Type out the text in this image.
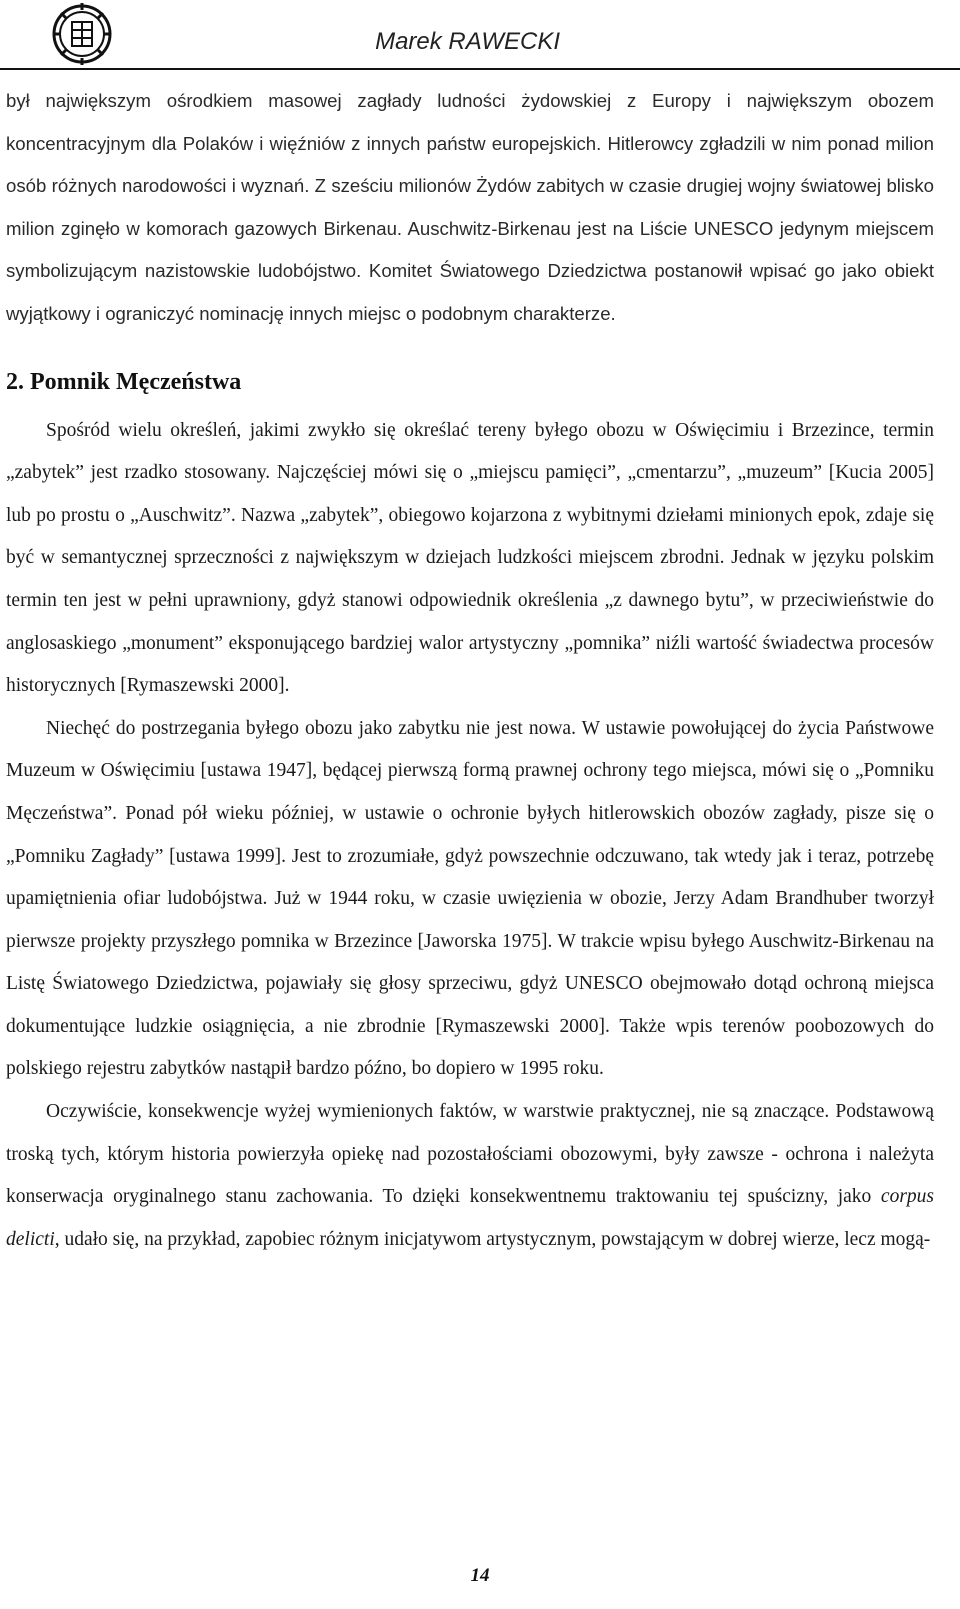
Marek RAWECKI

był największym ośrodkiem masowej zagłady ludności żydowskiej z Europy i największym obozem koncentracyjnym dla Polaków i więźniów z innych państw europejskich. Hitlerowcy zgładzili w nim ponad milion osób różnych narodowości i wyznań. Z sześciu milionów Żydów zabitych w czasie drugiej wojny światowej blisko milion zginęło w komorach gazowych Birkenau. Auschwitz-Birkenau jest na Liście UNESCO jedynym miejscem symbolizującym nazistowskie ludobójstwo. Komitet Światowego Dziedzictwa postanowił wpisać go jako obiekt wyjątkowy i ograniczyć nominację innych miejsc o podobnym charakterze.

2. Pomnik Męczeństwa

Spośród wielu określeń, jakimi zwykło się określać tereny byłego obozu w Oświęcimiu i Brzezince, termin „zabytek” jest rzadko stosowany. Najczęściej mówi się o „miejscu pamięci”, „cmentarzu”, „muzeum” [Kucia 2005] lub po prostu o „Auschwitz”. Nazwa „zabytek”, obiegowo kojarzona z wybitnymi dziełami minionych epok, zdaje się być w semantycznej sprzeczności z największym w dziejach ludzkości miejscem zbrodni. Jednak w języku polskim termin ten jest w pełni uprawniony, gdyż stanowi odpowiednik określenia „z dawnego bytu”, w przeciwieństwie do anglosaskiego „monument” eksponującego bardziej walor artystyczny „pomnika” niźli wartość świadectwa procesów historycznych [Rymaszewski 2000].

Niechęć do postrzegania byłego obozu jako zabytku nie jest nowa. W ustawie powołującej do życia Państwowe Muzeum w Oświęcimiu [ustawa 1947], będącej pierwszą formą prawnej ochrony tego miejsca, mówi się o „Pomniku Męczeństwa”. Ponad pół wieku później, w ustawie o ochronie byłych hitlerowskich obozów zagłady, pisze się o „Pomniku Zagłady” [ustawa 1999]. Jest to zrozumiałe, gdyż powszechnie odczuwano, tak wtedy jak i teraz, potrzebę upamiętnienia ofiar ludobójstwa. Już w 1944 roku, w czasie uwięzienia w obozie, Jerzy Adam Brandhuber tworzył pierwsze projekty przyszłego pomnika w Brzezince [Jaworska 1975]. W trakcie wpisu byłego Auschwitz-Birkenau na Listę Światowego Dziedzictwa, pojawiały się głosy sprzeciwu, gdyż UNESCO obejmowało dotąd ochroną miejsca dokumentujące ludzkie osiągnięcia, a nie zbrodnie [Rymaszewski 2000]. Także wpis terenów poobozowych do polskiego rejestru zabytków nastąpił bardzo późno, bo dopiero w 1995 roku.

Oczywiście, konsekwencje wyżej wymienionych faktów, w warstwie praktycznej, nie są znaczące. Podstawową troską tych, którym historia powierzyła opiekę nad pozostałościami obozowymi, były zawsze - ochrona i należyta konserwacja oryginalnego stanu zachowania. To dzięki konsekwentnemu traktowaniu tej spuścizny, jako corpus delicti, udało się, na przykład, zapobiec różnym inicjatywom artystycznym, powstającym w dobrej wierze, lecz mogą-

14
